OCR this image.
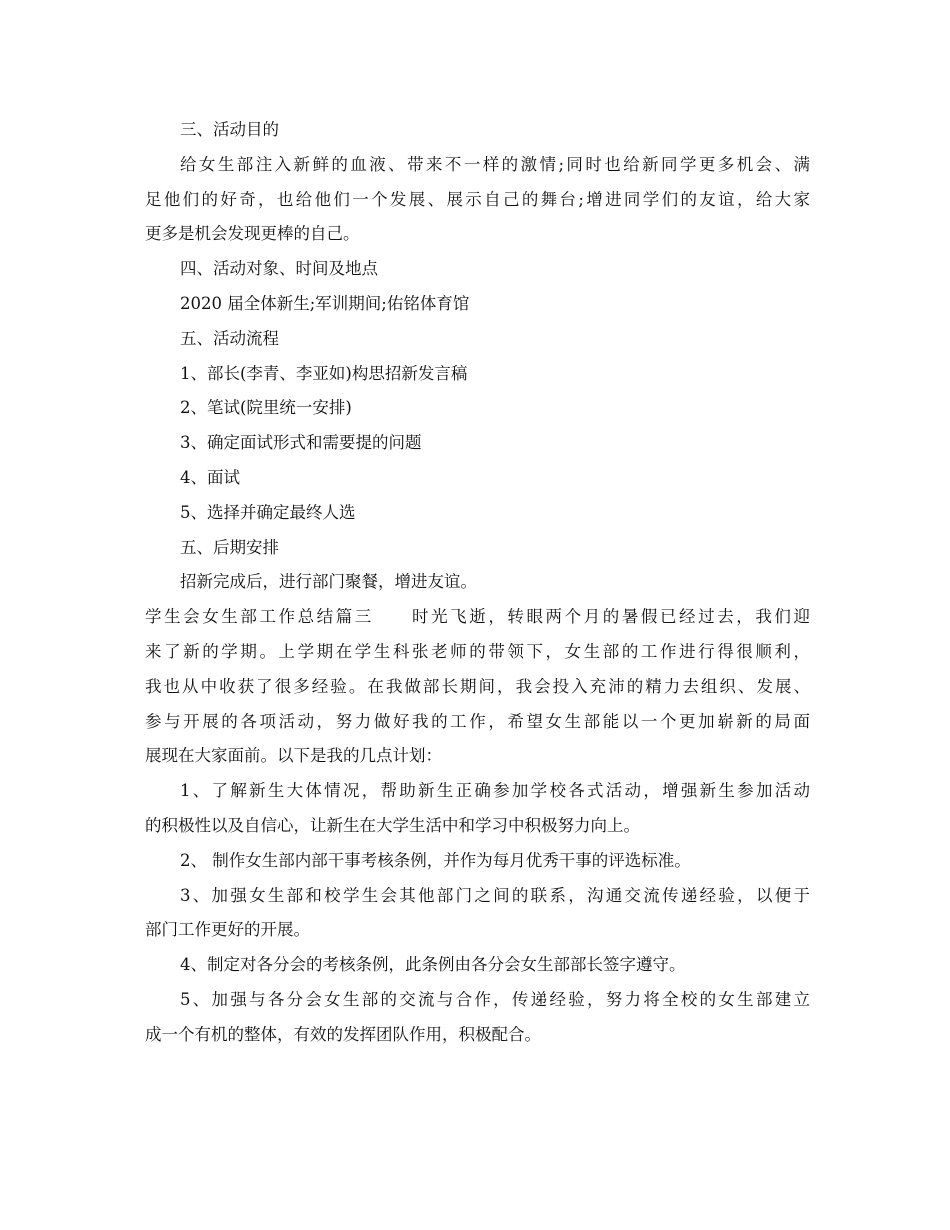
三、活动目的
给女生部注入新鲜的血液、带来不一样的激情;同时也给新同学更多机会、满
足他们的好奇，也给他们一个发展、展示自己的舞台;增进同学们的友谊，给大家
更多是机会发现更棒的自己。
四、活动对象、时间及地点
2020 届全体新生;军训期间;佑铭体育馆
五、活动流程
1、部长(李青、李亚如)构思招新发言稿
2、笔试(院里统一安排)
3、确定面试形式和需要提的问题
4、面试
5、选择并确定最终人选
五、后期安排
招新完成后，进行部门聚餐，增进友谊。
学生会女生部工作总结篇三　　时光飞逝，转眼两个月的暑假已经过去，我们迎
来了新的学期。上学期在学生科张老师的带领下，女生部的工作进行得很顺利，
我也从中收获了很多经验。在我做部长期间，我会投入充沛的精力去组织、发展、
参与开展的各项活动，努力做好我的工作，希望女生部能以一个更加崭新的局面
展现在大家面前。以下是我的几点计划：
1、了解新生大体情况，帮助新生正确参加学校各式活动，增强新生参加活动
的积极性以及自信心，让新生在大学生活中和学习中积极努力向上。
2、 制作女生部内部干事考核条例，并作为每月优秀干事的评选标准。
3、加强女生部和校学生会其他部门之间的联系，沟通交流传递经验，以便于
部门工作更好的开展。
4、制定对各分会的考核条例，此条例由各分会女生部部长签字遵守。
5、加强与各分会女生部的交流与合作，传递经验，努力将全校的女生部建立
成一个有机的整体，有效的发挥团队作用，积极配合。
